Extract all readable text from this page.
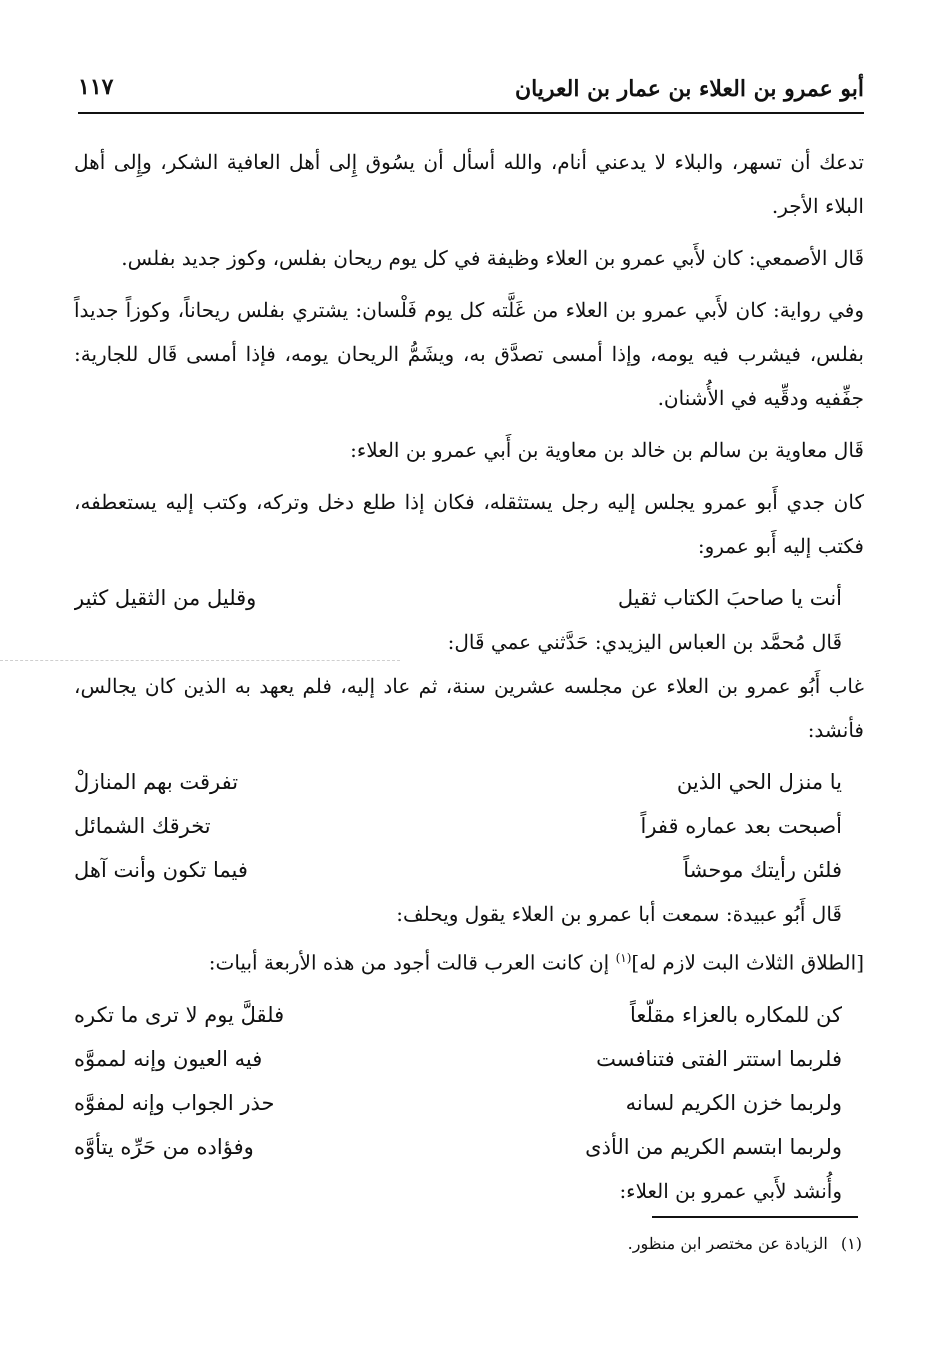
أبو عمرو بن العلاء بن عمار بن العريان
١١٧
تدعك أن تسهر، والبلاء لا يدعني أنام، والله أسأل أن يسُوق إِلى أهل العافية الشكر، وإِلى أهل البلاء الأجر.
قَال الأصمعي: كان لأَبي عمرو بن العلاء وظيفة في كل يوم ريحان بفلس، وكوز جديد بفلس.
وفي رواية: كان لأَبي عمرو بن العلاء من غَلَّته كل يوم فَلْسان: يشتري بفلس ريحاناً، وكوزاً جديداً بفلس، فيشرب فيه يومه، وإذا أمسى تصدَّق به، ويشَمُّ الريحان يومه، فإذا أمسى قَال للجارية: جفِّفيه ودقِّيه في الأُشنان.
قَال معاوية بن سالم بن خالد بن معاوية بن أَبي عمرو بن العلاء:
كان جدي أَبو عمرو يجلس إليه رجل يستثقله، فكان إذا طلع دخل وتركه، وكتب إليه يستعطفه، فكتب إليه أَبو عمرو:
أنت يا صاحبَ الكتاب ثقيل
وقليل من الثقيل كثير
قَال مُحمَّد بن العباس اليزيدي: حَدَّثني عمي قَال:
غاب أَبُو عمرو بن العلاء عن مجلسه عشرين سنة، ثم عاد إليه، فلم يعهد به الذين كان يجالس، فأنشد:
يا منزل الحي الذين
تفرقت بهم المنازلْ
أصبحت بعد عماره قفراً
تخرقك الشمائل
فلئن رأيتك موحشاً
فيما تكون وأنت آهل
قَال أَبُو عبيدة: سمعت أبا عمرو بن العلاء يقول ويحلف:
[الطلاق الثلاث البت لازم له]$^{(١)}$ إن كانت العرب قالت أجود من هذه الأربعة أبيات:
كن للمكاره بالعزاء مقلّعاً
فلقلَّ يوم لا ترى ما تكره
فلربما استتر الفتى فتنافست
فيه العيون وإنه لمموَّه
ولربما خزن الكريم لسانه
حذر الجواب وإنه لمفوَّه
ولربما ابتسم الكريم من الأذى
وفؤاده من حَرِّه يتأوَّه
وأُنشد لأَبي عمرو بن العلاء:
(١) الزيادة عن مختصر ابن منظور.
